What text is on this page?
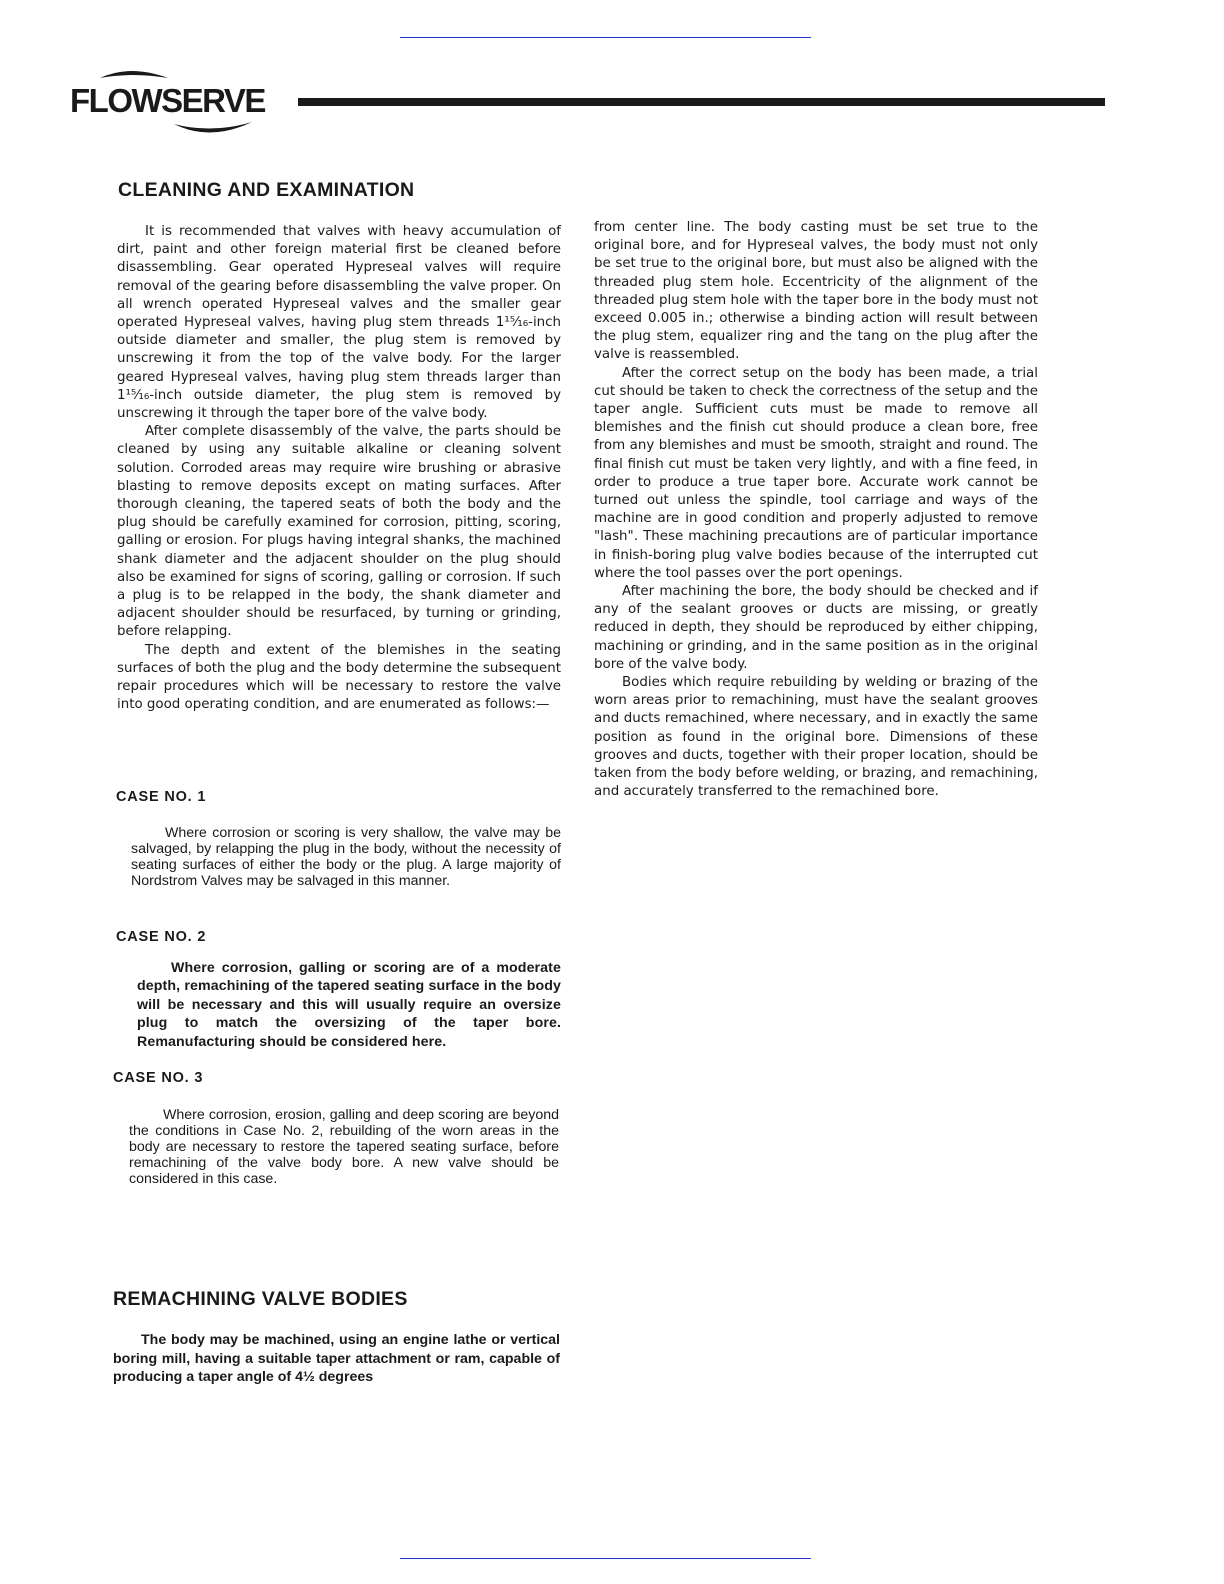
FLOWSERVE
CLEANING AND EXAMINATION

It is recommended that valves with heavy accumulation of dirt, paint and other foreign material first be cleaned before disassembling. Gear operated Hypreseal valves will require removal of the gearing before disassembling the valve proper. On all wrench operated Hypreseal valves and the smaller gear operated Hypreseal valves, having plug stem threads 1¹⁵⁄₁₆-inch outside diameter and smaller, the plug stem is removed by unscrewing it from the top of the valve body. For the larger geared Hypreseal valves, having plug stem threads larger than 1¹⁵⁄₁₆-inch outside diameter, the plug stem is removed by unscrewing it through the taper bore of the valve body.

After complete disassembly of the valve, the parts should be cleaned by using any suitable alkaline or cleaning solvent solution. Corroded areas may require wire brushing or abrasive blasting to remove deposits except on mating surfaces. After thorough cleaning, the tapered seats of both the body and the plug should be carefully examined for corrosion, pitting, scoring, galling or erosion. For plugs having integral shanks, the machined shank diameter and the adjacent shoulder on the plug should also be examined for signs of scoring, galling or corrosion. If such a plug is to be relapped in the body, the shank diameter and adjacent shoulder should be resurfaced, by turning or grinding, before relapping.

The depth and extent of the blemishes in the seating surfaces of both the plug and the body determine the subsequent repair procedures which will be necessary to restore the valve into good operating condition, and are enumerated as follows:—

CASE NO. 1

Where corrosion or scoring is very shallow, the valve may be salvaged, by relapping the plug in the body, without the necessity of seating surfaces of either the body or the plug. A large majority of Nordstrom Valves may be salvaged in this manner.

CASE NO. 2

Where corrosion, galling or scoring are of a moderate depth, remachining of the tapered seating surface in the body will be necessary and this will usually require an oversize plug to match the oversizing of the taper bore. Remanufacturing should be considered here.

CASE NO. 3

Where corrosion, erosion, galling and deep scoring are beyond the conditions in Case No. 2, rebuilding of the worn areas in the body are necessary to restore the tapered seating surface, before remachining of the valve body bore. A new valve should be considered in this case.

REMACHINING VALVE BODIES

The body may be machined, using an engine lathe or vertical boring mill, having a suitable taper attachment or ram, capable of producing a taper angle of 4½ degrees

from center line. The body casting must be set true to the original bore, and for Hypreseal valves, the body must not only be set true to the original bore, but must also be aligned with the threaded plug stem hole. Eccentricity of the alignment of the threaded plug stem hole with the taper bore in the body must not exceed 0.005 in.; otherwise a binding action will result between the plug stem, equalizer ring and the tang on the plug after the valve is reassembled.

After the correct setup on the body has been made, a trial cut should be taken to check the correctness of the setup and the taper angle. Sufficient cuts must be made to remove all blemishes and the finish cut should produce a clean bore, free from any blemishes and must be smooth, straight and round. The final finish cut must be taken very lightly, and with a fine feed, in order to produce a true taper bore. Accurate work cannot be turned out unless the spindle, tool carriage and ways of the machine are in good condition and properly adjusted to remove "lash". These machining precautions are of particular importance in finish-boring plug valve bodies because of the interrupted cut where the tool passes over the port openings.

After machining the bore, the body should be checked and if any of the sealant grooves or ducts are missing, or greatly reduced in depth, they should be reproduced by either chipping, machining or grinding, and in the same position as in the original bore of the valve body.

Bodies which require rebuilding by welding or brazing of the worn areas prior to remachining, must have the sealant grooves and ducts remachined, where necessary, and in exactly the same position as found in the original bore. Dimensions of these grooves and ducts, together with their proper location, should be taken from the body before welding, or brazing, and remachining, and accurately transferred to the remachined bore.
